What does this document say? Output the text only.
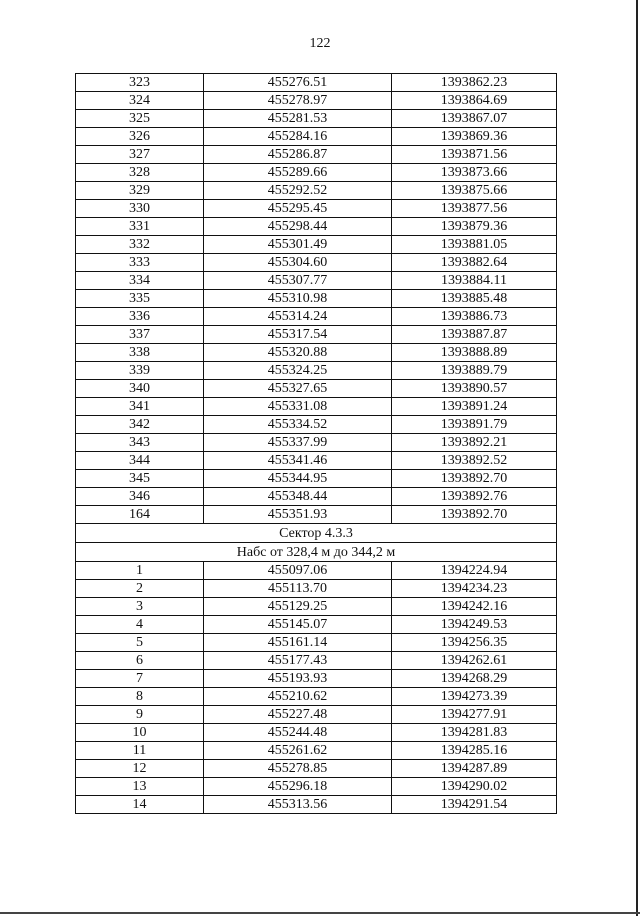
122
323	455276.51	1393862.23
324	455278.97	1393864.69
325	455281.53	1393867.07
326	455284.16	1393869.36
327	455286.87	1393871.56
328	455289.66	1393873.66
329	455292.52	1393875.66
330	455295.45	1393877.56
331	455298.44	1393879.36
332	455301.49	1393881.05
333	455304.60	1393882.64
334	455307.77	1393884.11
335	455310.98	1393885.48
336	455314.24	1393886.73
337	455317.54	1393887.87
338	455320.88	1393888.89
339	455324.25	1393889.79
340	455327.65	1393890.57
341	455331.08	1393891.24
342	455334.52	1393891.79
343	455337.99	1393892.21
344	455341.46	1393892.52
345	455344.95	1393892.70
346	455348.44	1393892.76
164	455351.93	1393892.70
Сектор 4.3.3		
Набс от 328,4 м до 344,2 м		
1	455097.06	1394224.94
2	455113.70	1394234.23
3	455129.25	1394242.16
4	455145.07	1394249.53
5	455161.14	1394256.35
6	455177.43	1394262.61
7	455193.93	1394268.29
8	455210.62	1394273.39
9	455227.48	1394277.91
10	455244.48	1394281.83
11	455261.62	1394285.16
12	455278.85	1394287.89
13	455296.18	1394290.02
14	455313.56	1394291.54
